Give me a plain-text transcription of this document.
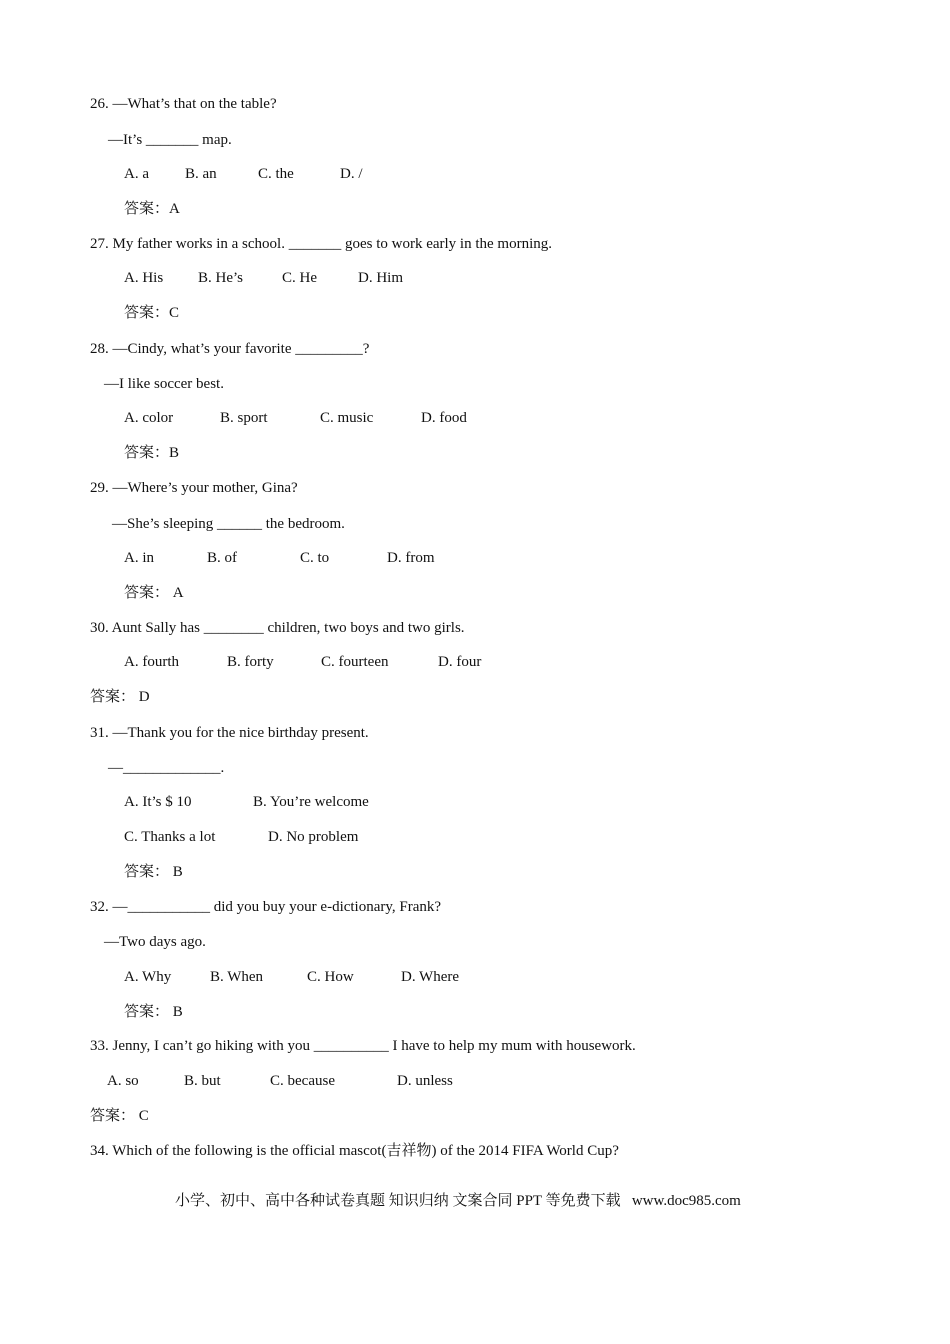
26. —What’s that on the table?
—It’s _______ map.
A. a B. an	C. the	D. /
答案：A
27. My father works in a school. _______ goes to work early in the morning.
A. His B. He’s	C. He	D. Him
答案：C
28. —Cindy, what’s your favorite _________?
—I like soccer best.
A. color	B. sport	C. music	D. food
答案：B
29. —Where’s your mother, Gina?
—She’s sleeping ______ the bedroom.
A. in	B. of	C. to	D. from
答案： A
30. Aunt Sally has ________ children, two boys and two girls.
A. fourth	B. forty	C. fourteen	D. four
答案： D
31. —Thank you for the nice birthday present.
—_____________.
A. It’s $ 10	B. You’re welcome
C. Thanks a lot	D. No problem
答案： B
32. —___________ did you buy your e-dictionary, Frank?
—Two days ago.
A. Why	B. When	C. How	D. Where
答案： B
33. Jenny, I can’t go hiking with you __________ I have to help my mum with housework.
A. so	B. but	C. because	D. unless
答案： C
34. Which of the following is the official mascot(吉祥物) of the 2014 FIFA World Cup?
小学、初中、高中各种试卷真题 知识归纳 文案合同 PPT 等免费下载   www.doc985.com
